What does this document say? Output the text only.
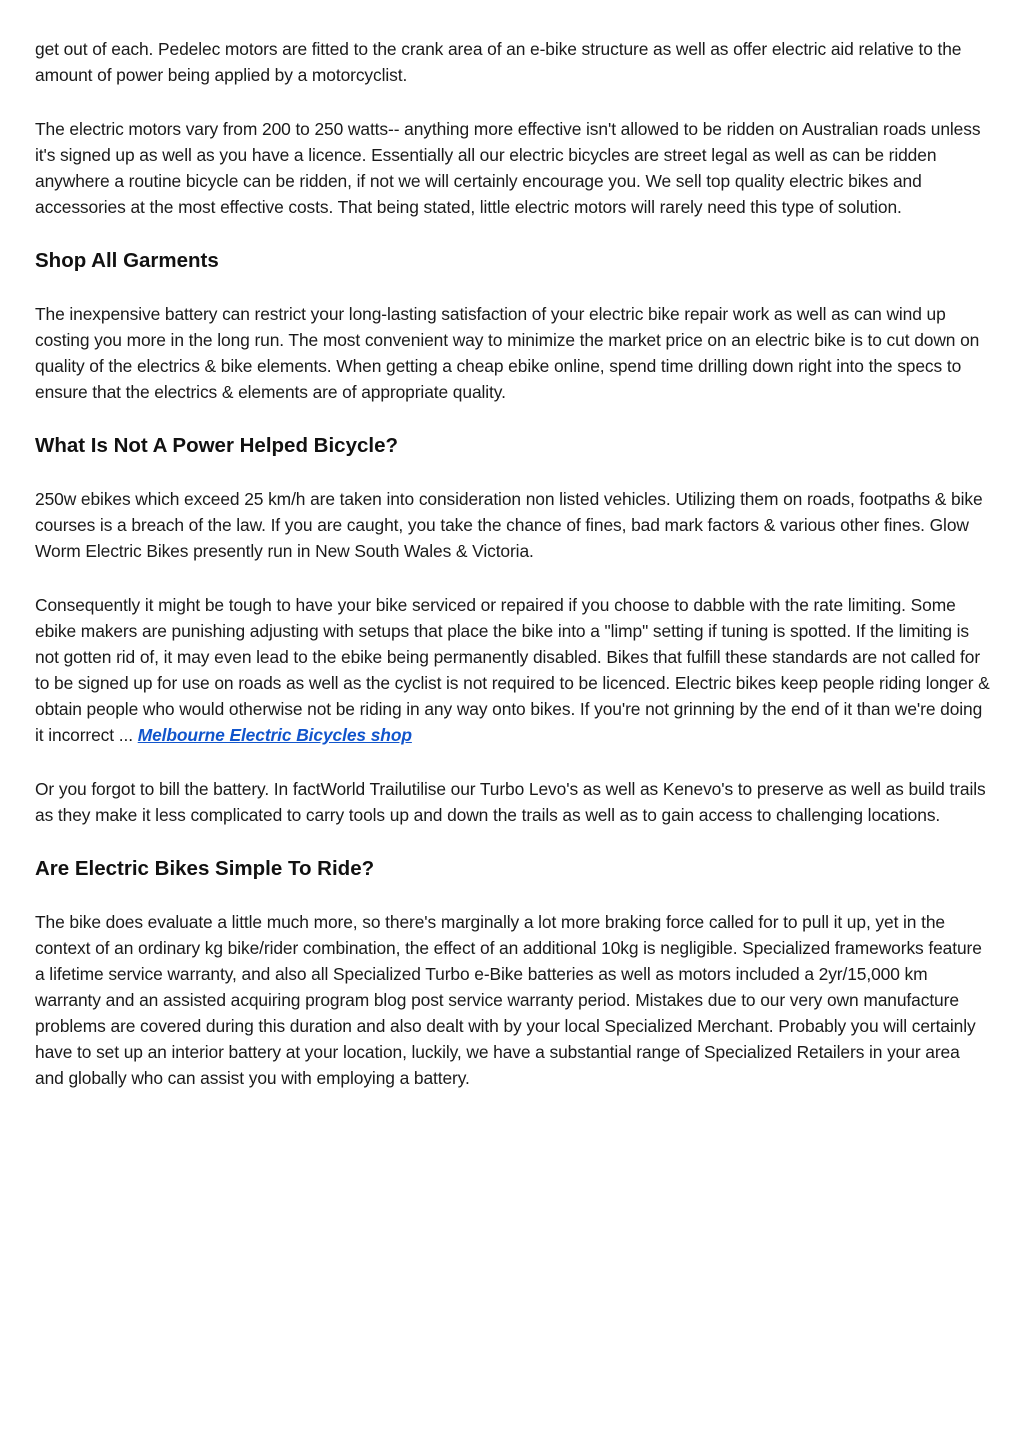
get out of each. Pedelec motors are fitted to the crank area of an e-bike structure as well as offer electric aid relative to the amount of power being applied by a motorcyclist.

The electric motors vary from 200 to 250 watts-- anything more effective isn't allowed to be ridden on Australian roads unless it's signed up as well as you have a licence. Essentially all our electric bicycles are street legal as well as can be ridden anywhere a routine bicycle can be ridden, if not we will certainly encourage you. We sell top quality electric bikes and accessories at the most effective costs. That being stated, little electric motors will rarely need this type of solution.

Shop All Garments

The inexpensive battery can restrict your long-lasting satisfaction of your electric bike repair work as well as can wind up costing you more in the long run. The most convenient way to minimize the market price on an electric bike is to cut down on quality of the electrics & bike elements. When getting a cheap ebike online, spend time drilling down right into the specs to ensure that the electrics & elements are of appropriate quality.

What Is Not A Power Helped Bicycle?

250w ebikes which exceed 25 km/h are taken into consideration non listed vehicles. Utilizing them on roads, footpaths & bike courses is a breach of the law. If you are caught, you take the chance of fines, bad mark factors & various other fines. Glow Worm Electric Bikes presently run in New South Wales & Victoria.

Consequently it might be tough to have your bike serviced or repaired if you choose to dabble with the rate limiting. Some ebike makers are punishing adjusting with setups that place the bike into a "limp" setting if tuning is spotted. If the limiting is not gotten rid of, it may even lead to the ebike being permanently disabled. Bikes that fulfill these standards are not called for to be signed up for use on roads as well as the cyclist is not required to be licenced. Electric bikes keep people riding longer & obtain people who would otherwise not be riding in any way onto bikes. If you're not grinning by the end of it than we're doing it incorrect ... Melbourne Electric Bicycles shop

Or you forgot to bill the battery. In factWorld Trailutilise our Turbo Levo's as well as Kenevo's to preserve as well as build trails as they make it less complicated to carry tools up and down the trails as well as to gain access to challenging locations.

Are Electric Bikes Simple To Ride?

The bike does evaluate a little much more, so there's marginally a lot more braking force called for to pull it up, yet in the context of an ordinary kg bike/rider combination, the effect of an additional 10kg is negligible. Specialized frameworks feature a lifetime service warranty, and also all Specialized Turbo e-Bike batteries as well as motors included a 2yr/15,000 km warranty and an assisted acquiring program blog post service warranty period. Mistakes due to our very own manufacture problems are covered during this duration and also dealt with by your local Specialized Merchant. Probably you will certainly have to set up an interior battery at your location, luckily, we have a substantial range of Specialized Retailers in your area and globally who can assist you with employing a battery.
